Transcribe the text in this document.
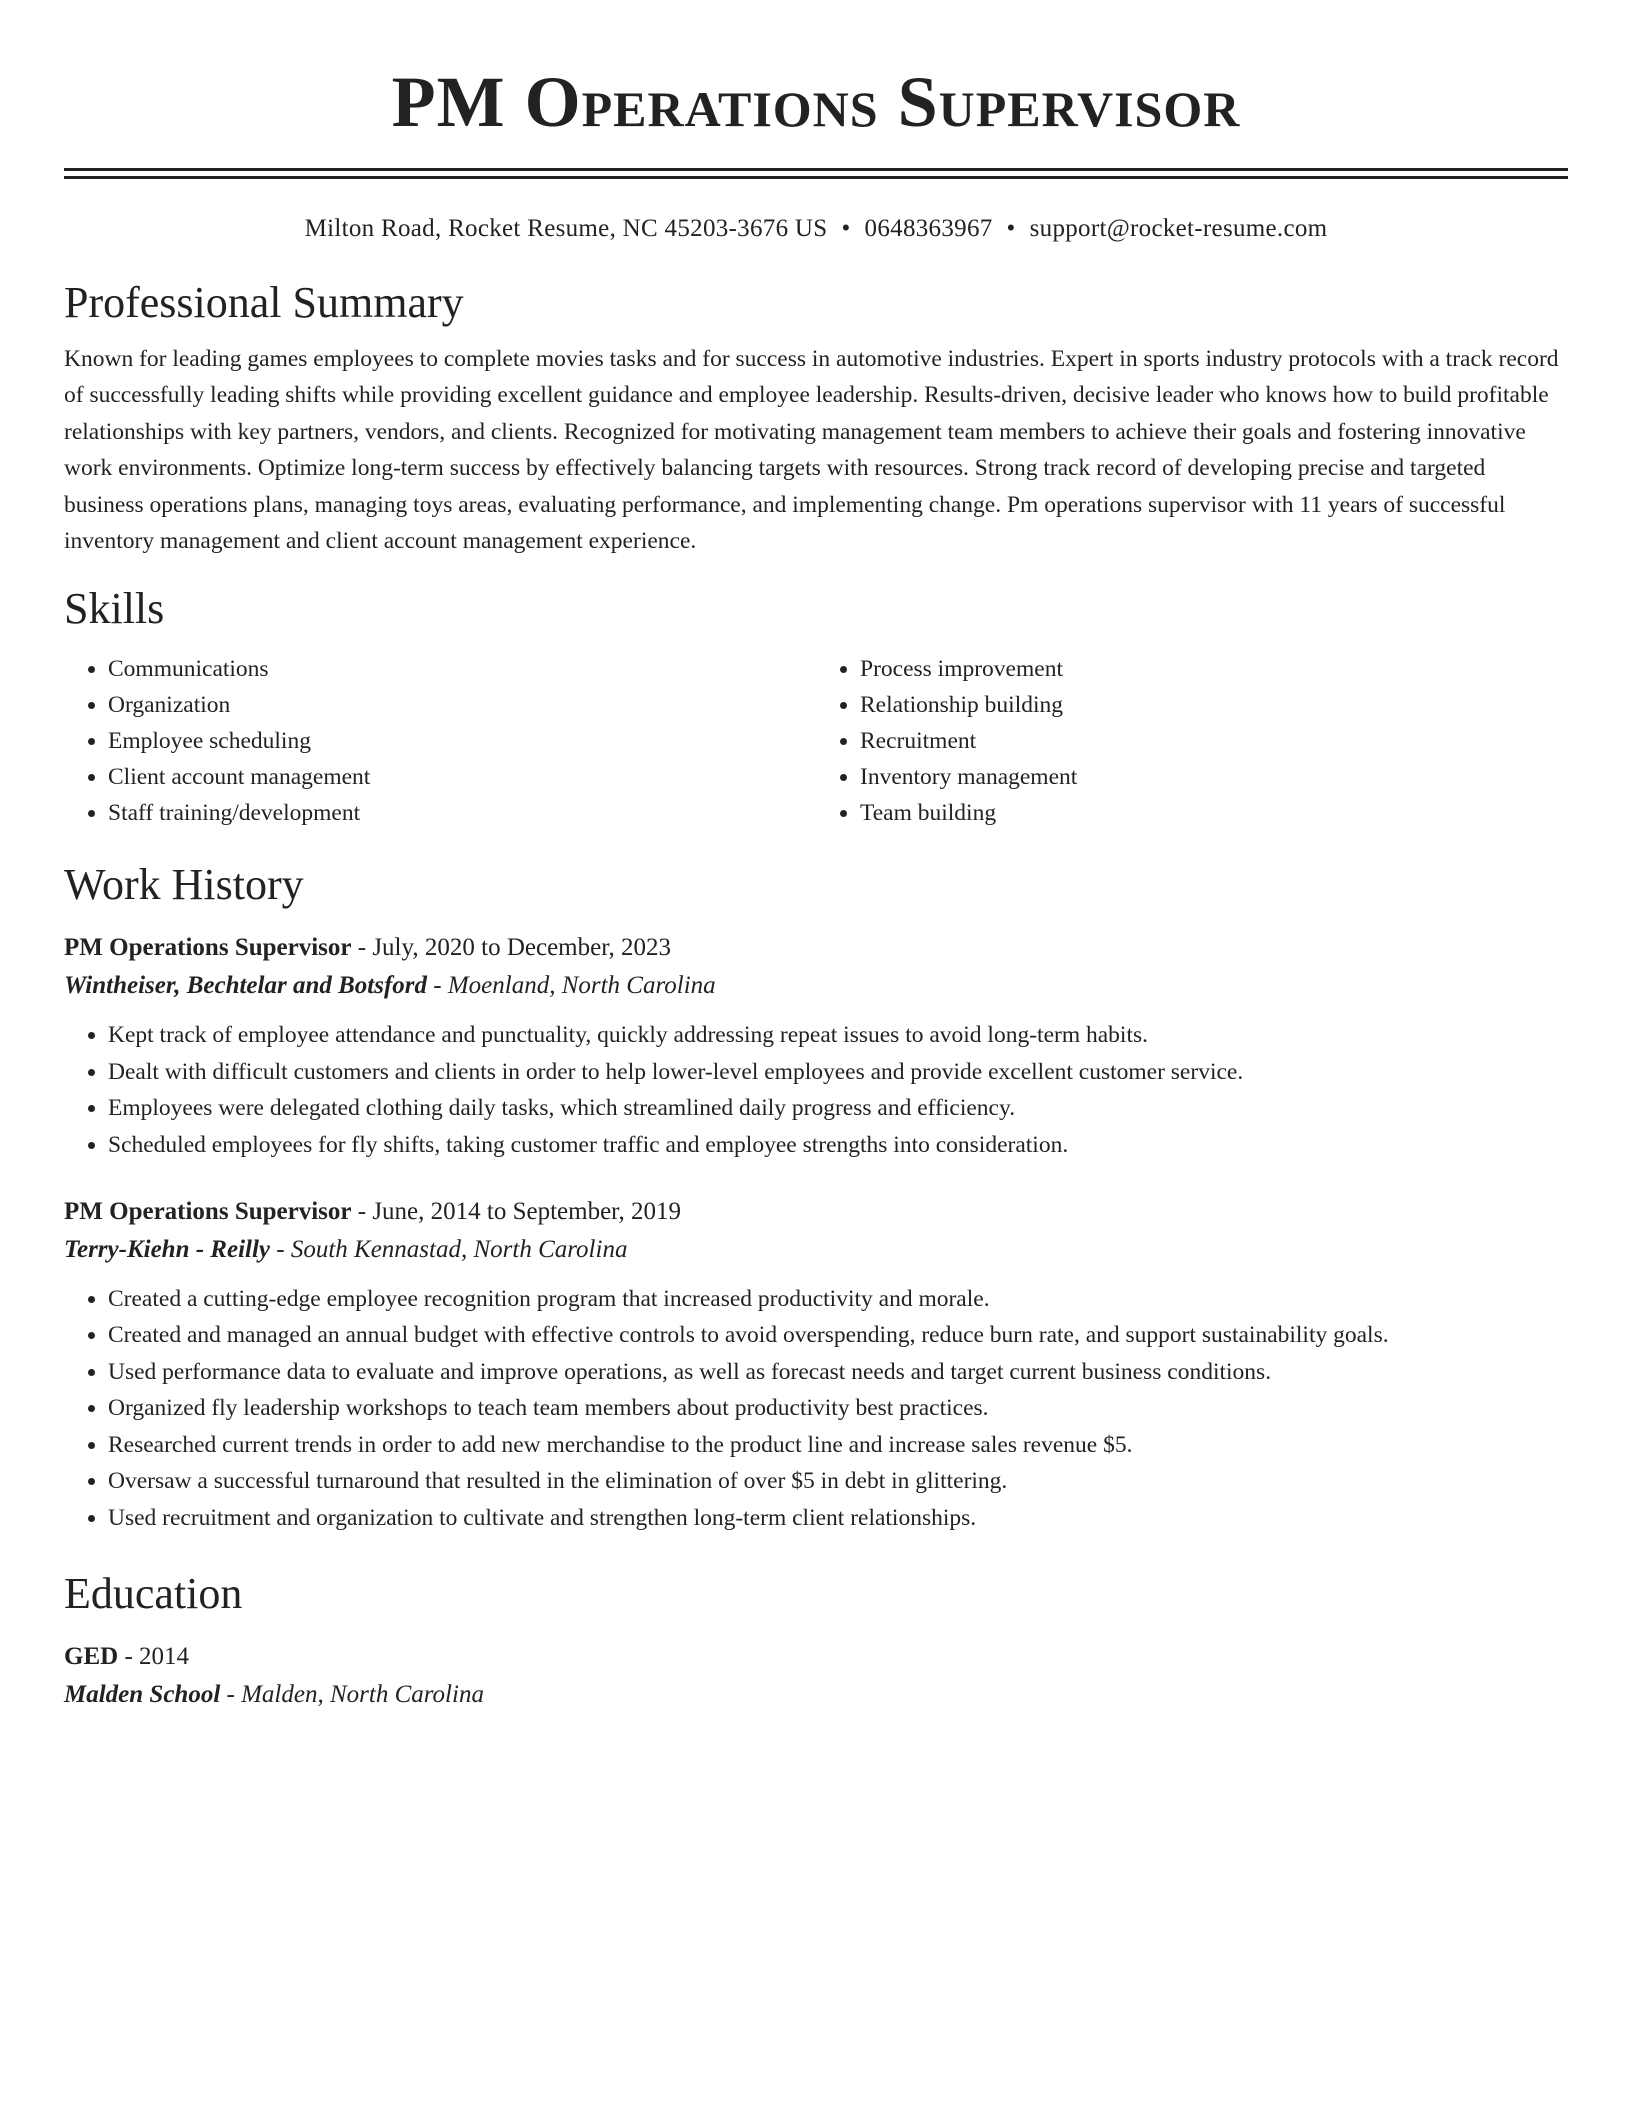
PM Operations Supervisor
Milton Road, Rocket Resume, NC 45203-3676 US • 0648363967 • support@rocket-resume.com
Professional Summary

Known for leading games employees to complete movies tasks and for success in automotive industries. Expert in sports industry protocols with a track record of successfully leading shifts while providing excellent guidance and employee leadership. Results-driven, decisive leader who knows how to build profitable relationships with key partners, vendors, and clients. Recognized for motivating management team members to achieve their goals and fostering innovative work environments. Optimize long-term success by effectively balancing targets with resources. Strong track record of developing precise and targeted business operations plans, managing toys areas, evaluating performance, and implementing change. Pm operations supervisor with 11 years of successful inventory management and client account management experience.

Skills
• Communications
• Organization
• Employee scheduling
• Client account management
• Staff training/development
• Process improvement
• Relationship building
• Recruitment
• Inventory management
• Team building
Work History
PM Operations Supervisor - July, 2020 to December, 2023
Wintheiser, Bechtelar and Botsford - Moenland, North Carolina
• Kept track of employee attendance and punctuality, quickly addressing repeat issues to avoid long-term habits.
• Dealt with difficult customers and clients in order to help lower-level employees and provide excellent customer service.
• Employees were delegated clothing daily tasks, which streamlined daily progress and efficiency.
• Scheduled employees for fly shifts, taking customer traffic and employee strengths into consideration.
PM Operations Supervisor - June, 2014 to September, 2019
Terry-Kiehn - Reilly - South Kennastad, North Carolina
• Created a cutting-edge employee recognition program that increased productivity and morale.
• Created and managed an annual budget with effective controls to avoid overspending, reduce burn rate, and support sustainability goals.
• Used performance data to evaluate and improve operations, as well as forecast needs and target current business conditions.
• Organized fly leadership workshops to teach team members about productivity best practices.
• Researched current trends in order to add new merchandise to the product line and increase sales revenue $5.
• Oversaw a successful turnaround that resulted in the elimination of over $5 in debt in glittering.
• Used recruitment and organization to cultivate and strengthen long-term client relationships.
Education
GED - 2014
Malden School - Malden, North Carolina
